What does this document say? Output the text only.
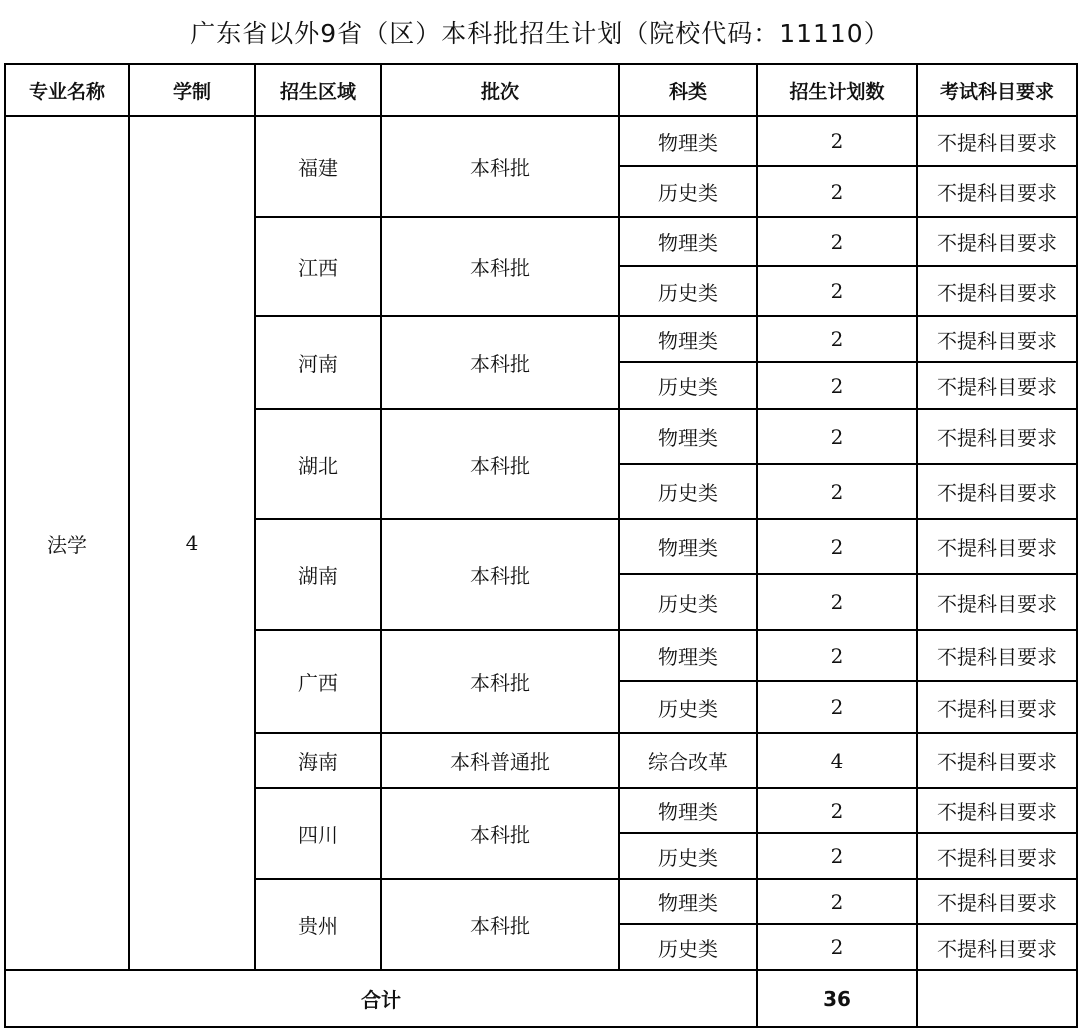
广东省以外9省（区）本科批招生计划（院校代码：11110）
专业名称	学制	招生区域	批次	科类	招生计划数	考试科目要求
法学	4	福建	本科批	物理类	2	不提科目要求
				历史类	2	不提科目要求
		江西	本科批	物理类	2	不提科目要求
				历史类	2	不提科目要求
		河南	本科批	物理类	2	不提科目要求
				历史类	2	不提科目要求
		湖北	本科批	物理类	2	不提科目要求
				历史类	2	不提科目要求
		湖南	本科批	物理类	2	不提科目要求
				历史类	2	不提科目要求
		广西	本科批	物理类	2	不提科目要求
				历史类	2	不提科目要求
		海南	本科普通批	综合改革	4	不提科目要求
		四川	本科批	物理类	2	不提科目要求
				历史类	2	不提科目要求
		贵州	本科批	物理类	2	不提科目要求
				历史类	2	不提科目要求
合计					36	
